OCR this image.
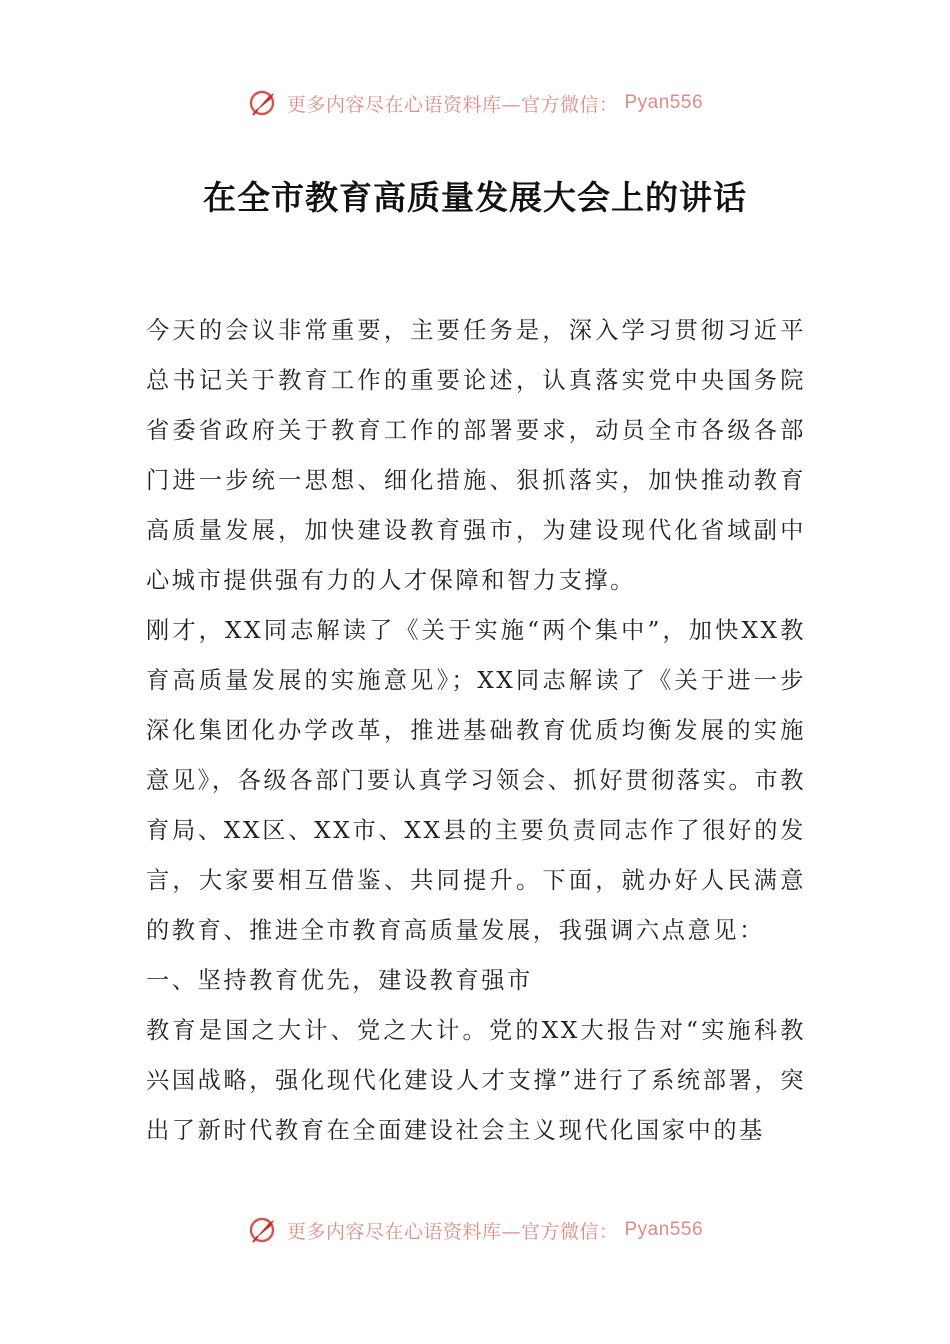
更多内容尽在心语资料库—官方微信： Pyan556
在全市教育高质量发展大会上的讲话

今天的会议非常重要，主要任务是，深入学习贯彻习近平总书记关于教育工作的重要论述，认真落实党中央国务院省委省政府关于教育工作的部署要求，动员全市各级各部门进一步统一思想、细化措施、狠抓落实，加快推动教育高质量发展，加快建设教育强市，为建设现代化省域副中心城市提供强有力的人才保障和智力支撑。

刚才，XX同志解读了《关于实施“两个集中”，加快XX教育高质量发展的实施意见》；XX同志解读了《关于进一步深化集团化办学改革，推进基础教育优质均衡发展的实施意见》，各级各部门要认真学习领会、抓好贯彻落实。市教育局、XX区、XX市、XX县的主要负责同志作了很好的发言，大家要相互借鉴、共同提升。下面，就办好人民满意的教育、推进全市教育高质量发展，我强调六点意见：

一、坚持教育优先，建设教育强市

教育是国之大计、党之大计。党的XX大报告对“实施科教兴国战略，强化现代化建设人才支撑”进行了系统部署，突出了新时代教育在全面建设社会主义现代化国家中的基

更多内容尽在心语资料库—官方微信： Pyan556
